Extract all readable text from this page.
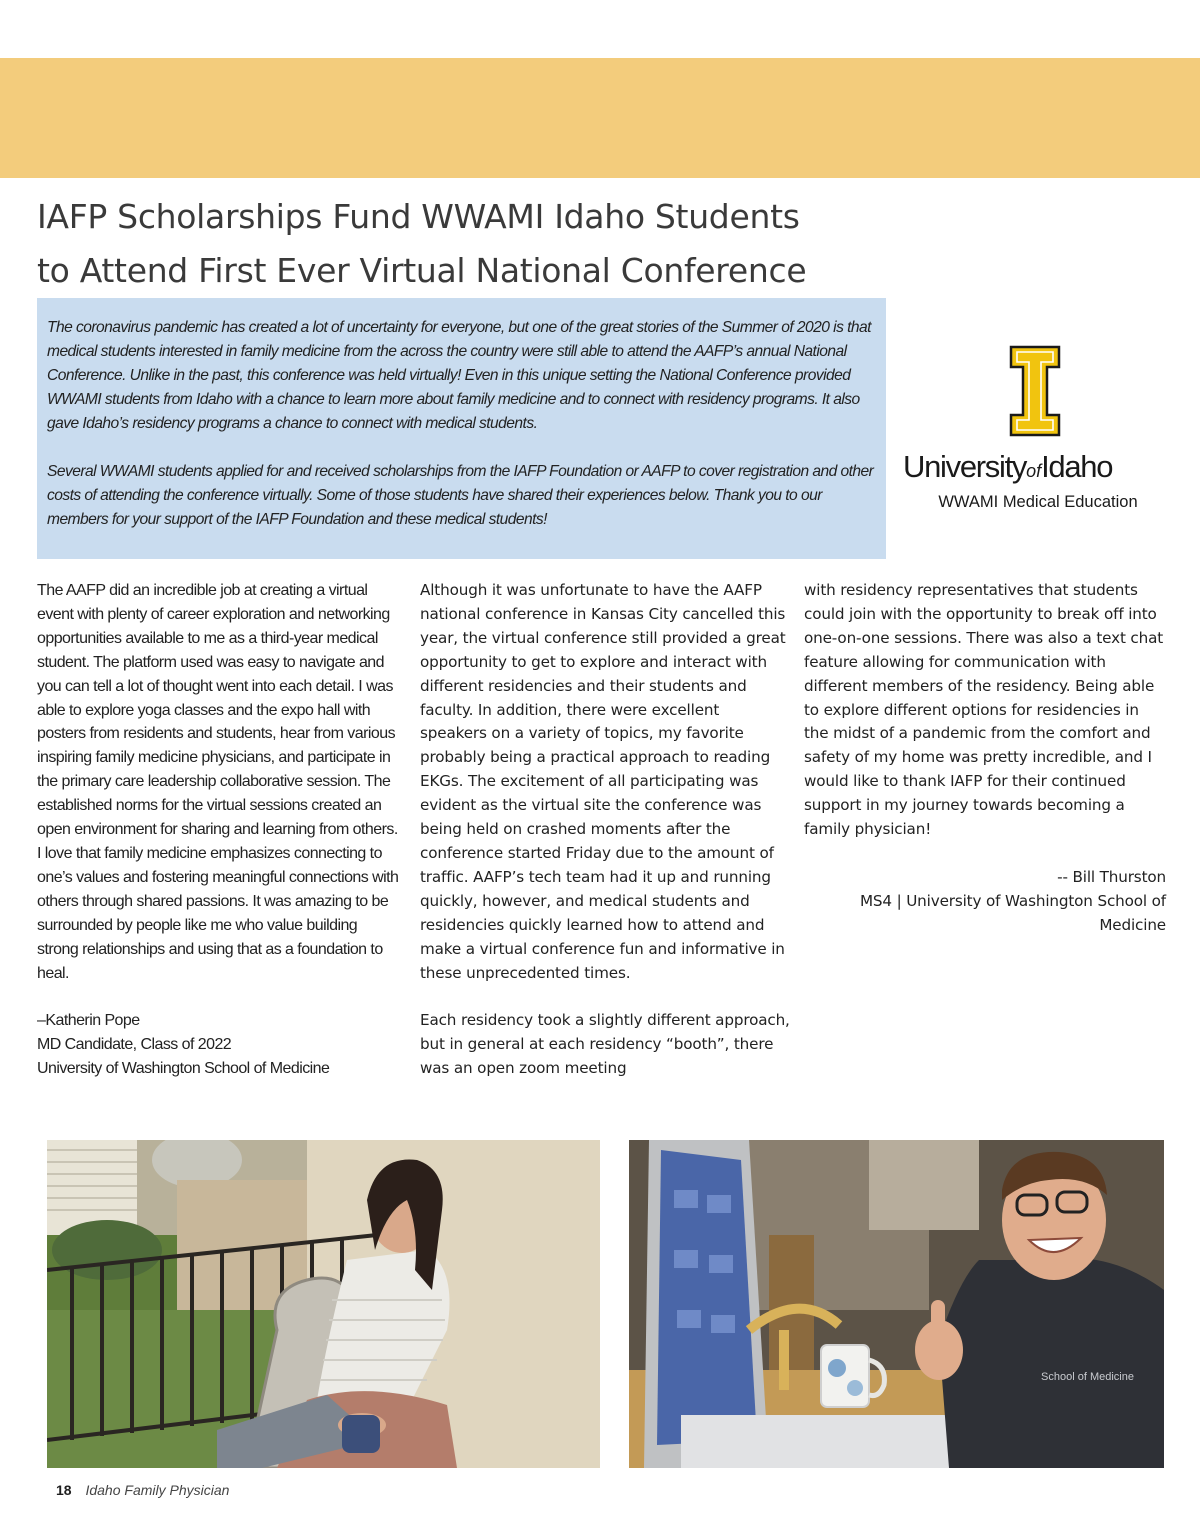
IAFP Scholarships Fund WWAMI Idaho Students
to Attend First Ever Virtual National Conference

The coronavirus pandemic has created a lot of uncertainty for everyone, but one of the great stories of the Summer of 2020 is that medical students interested in family medicine from the across the country were still able to attend the AAFP’s annual National Conference. Unlike in the past, this conference was held virtually! Even in this unique setting the National Conference provided WWAMI students from Idaho with a chance to learn more about family medicine and to connect with residency programs. It also gave Idaho’s residency programs a chance to connect with medical students.

Several WWAMI students applied for and received scholarships from the IAFP Foundation or AAFP to cover registration and other costs of attending the conference virtually. Some of those students have shared their experiences below. Thank you to our members for your support of the IAFP Foundation and these medical students!

UniversityofIdaho
WWAMI Medical Education

The AAFP did an incredible job at creating a virtual event with plenty of career exploration and networking opportunities available to me as a third-year medical student. The platform used was easy to navigate and you can tell a lot of thought went into each detail. I was able to explore yoga classes and the expo hall with posters from residents and students, hear from various inspiring family medicine physicians, and participate in the primary care leadership collaborative session. The established norms for the virtual sessions created an open environment for sharing and learning from others. I love that family medicine emphasizes connecting to one’s values and fostering meaningful connections with others through shared passions. It was amazing to be surrounded by people like me who value building strong relationships and using that as a foundation to heal.

–Katherin Pope

MD Candidate, Class of 2022

University of Washington School of Medicine

Although it was unfortunate to have the AAFP national conference in Kansas City cancelled this year, the virtual conference still provided a great opportunity to get to explore and interact with different residencies and their students and faculty. In addition, there were excellent speakers on a variety of topics, my favorite probably being a practical approach to reading EKGs. The excitement of all participating was evident as the virtual site the conference was being held on crashed moments after the conference started Friday due to the amount of traffic. AAFP’s tech team had it up and running quickly, however, and medical students and residencies quickly learned how to attend and make a virtual conference fun and informative in these unprecedented times.

Each residency took a slightly different approach, but in general at each residency “booth”, there was an open zoom meeting

with residency representatives that students could join with the opportunity to break off into one-on-one sessions. There was also a text chat feature allowing for communication with different members of the residency. Being able to explore different options for residencies in the midst of a pandemic from the comfort and safety of my home was pretty incredible, and I would like to thank IAFP for their continued support in my journey towards becoming a family physician!

-- Bill Thurston

MS4 | University of Washington School of Medicine

School of Medicine
18 Idaho Family Physician
